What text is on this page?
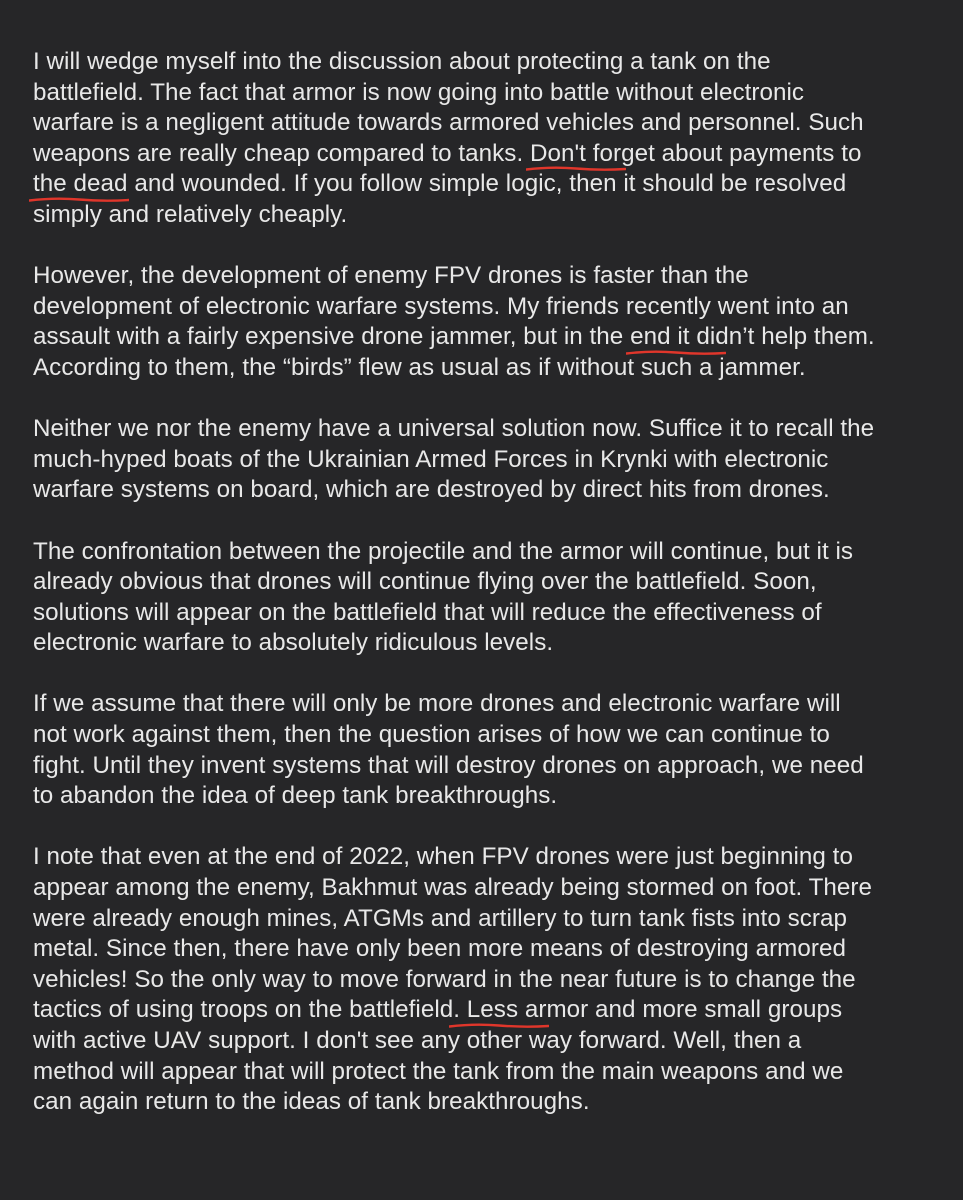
I will wedge myself into the discussion about protecting a tank on the
battlefield. The fact that armor is now going into battle without electronic
warfare is a negligent attitude towards armored vehicles and personnel. Such
weapons are really cheap compared to tanks. Don't forget about payments to
the dead and wounded.
If you follow simple logic, then it should be resolved
simply and relatively cheaply.
However, the development of enemy FPV drones is faster than the
development of electronic warfare systems. My friends recently went into an
assault with a fairly expensive drone jammer, but in the end it didn’t help them
.
According to them, the “birds” flew as usual as if without such a jammer.
Neither we nor the enemy have a universal solution now. Suffice it to recall the
much-hyped boats of the Ukrainian Armed Forces in Krynki with electronic
warfare systems on board, which are destroyed by direct hits from drones.
The confrontation between the projectile and the armor will continue, but it is
already obvious that drones will continue flying over the battlefield. Soon,
solutions will appear on the battlefield that will reduce the effectiveness of
electronic warfare to absolutely ridiculous levels.
If we assume that there will only be more drones and electronic warfare will
not work against them, then the question arises of how we can continue to
fight. Until they invent systems that will destroy drones on approach, we need
to abandon the idea of deep tank breakthroughs.
I note that even at the end of 2022, when FPV drones were just beginning to
appear among the enemy, Bakhmut was already being stormed on foot. There
were already enough mines, ATGMs and artillery to turn tank fists into scrap
metal. Since then, there have only been more means of destroying armored
vehicles! So the only way to move forward in the near future is to change the
tactics of using troops on the battlefield. Less armor and more small groups
with active UAV support. I don't see any other way forward. Well, then a
method will appear that will protect the tank from the main weapons and we
can again return to the ideas of tank breakthroughs.
